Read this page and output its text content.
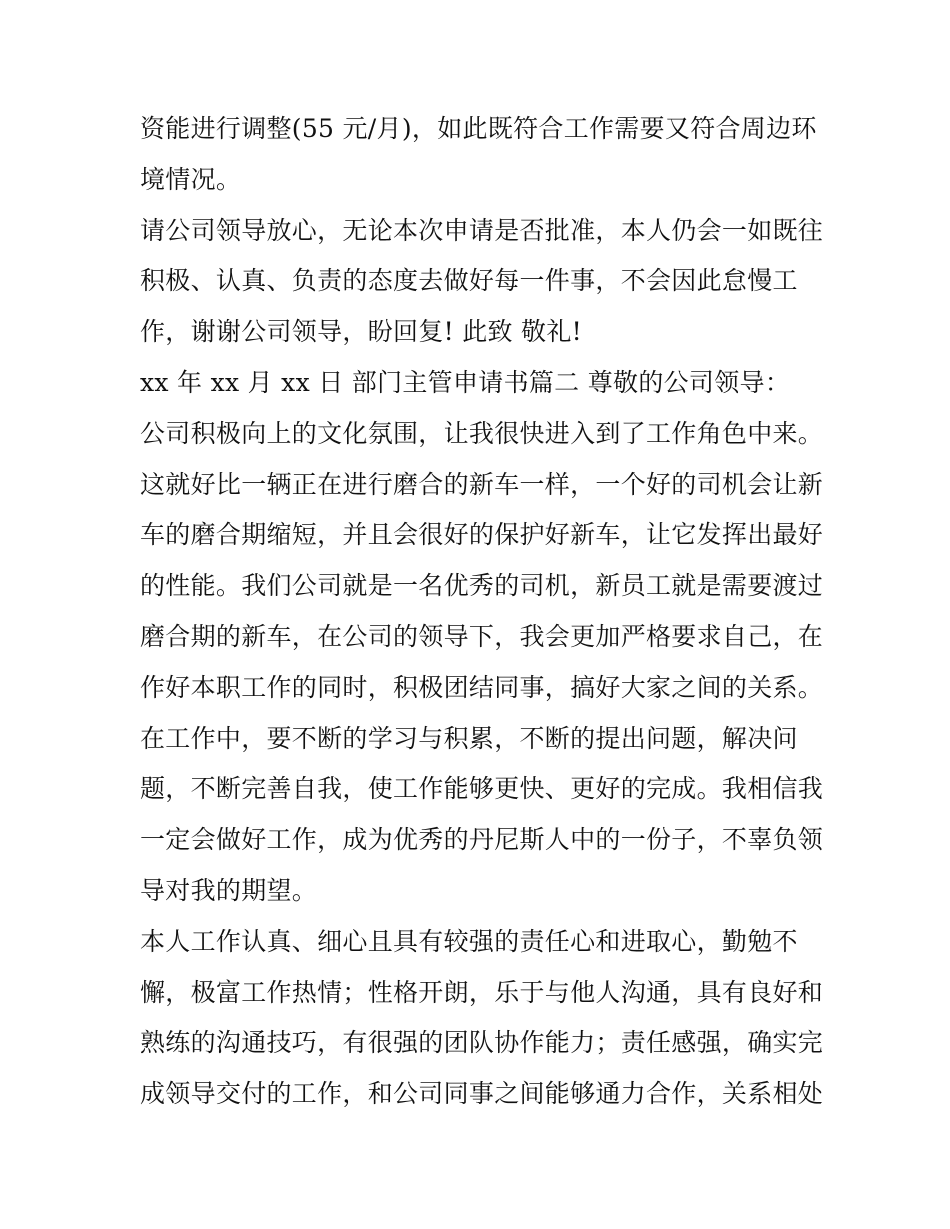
资能进行调整(55 元/月)，如此既符合工作需要又符合周边环
境情况。
请公司领导放心，无论本次申请是否批准，本人仍会一如既往
积极、认真、负责的态度去做好每一件事，不会因此怠慢工
作，谢谢公司领导，盼回复! 此致 敬礼!
xx 年 xx 月 xx 日 部门主管申请书篇二 尊敬的公司领导：
公司积极向上的文化氛围，让我很快进入到了工作角色中来。
这就好比一辆正在进行磨合的新车一样，一个好的司机会让新
车的磨合期缩短，并且会很好的保护好新车，让它发挥出最好
的性能。我们公司就是一名优秀的司机，新员工就是需要渡过
磨合期的新车，在公司的领导下，我会更加严格要求自己，在
作好本职工作的同时，积极团结同事，搞好大家之间的关系。
在工作中，要不断的学习与积累，不断的提出问题，解决问
题，不断完善自我，使工作能够更快、更好的完成。我相信我
一定会做好工作，成为优秀的丹尼斯人中的一份子，不辜负领
导对我的期望。
本人工作认真、细心且具有较强的责任心和进取心，勤勉不
懈，极富工作热情；性格开朗，乐于与他人沟通，具有良好和
熟练的沟通技巧，有很强的团队协作能力；责任感强，确实完
成领导交付的工作，和公司同事之间能够通力合作，关系相处
